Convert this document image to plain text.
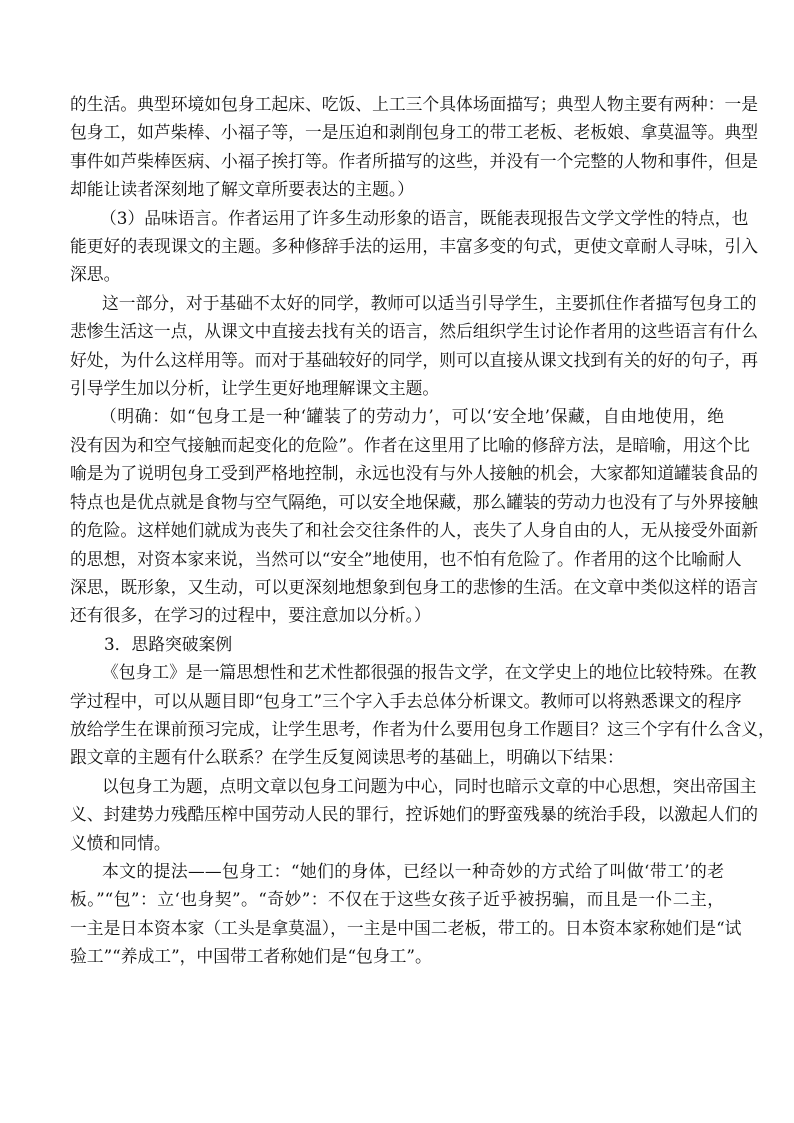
的生活。典型环境如包身工起床、吃饭、上工三个具体场面描写；典型人物主要有两种：一是
包身工，如芦柴棒、小福子等，一是压迫和剥削包身工的带工老板、老板娘、拿莫温等。典型
事件如芦柴棒医病、小福子挨打等。作者所描写的这些，并没有一个完整的人物和事件，但是
却能让读者深刻地了解文章所要表达的主题。）
（3）品味语言。作者运用了许多生动形象的语言，既能表现报告文学文学性的特点，也
能更好的表现课文的主题。多种修辞手法的运用，丰富多变的句式，更使文章耐人寻味，引入
深思。
这一部分，对于基础不太好的同学，教师可以适当引导学生，主要抓住作者描写包身工的
悲惨生活这一点，从课文中直接去找有关的语言，然后组织学生讨论作者用的这些语言有什么
好处，为什么这样用等。而对于基础较好的同学，则可以直接从课文找到有关的好的句子，再
引导学生加以分析，让学生更好地理解课文主题。
（明确：如“包身工是一种‘罐装了的劳动力’，可以‘安全地’保藏，自由地使用，绝
没有因为和空气接触而起变化的危险”。作者在这里用了比喻的修辞方法，是暗喻，用这个比
喻是为了说明包身工受到严格地控制，永远也没有与外人接触的机会，大家都知道罐装食品的
特点也是优点就是食物与空气隔绝，可以安全地保藏，那么罐装的劳动力也没有了与外界接触
的危险。这样她们就成为丧失了和社会交往条件的人，丧失了人身自由的人，无从接受外面新
的思想，对资本家来说，当然可以“安全”地使用，也不怕有危险了。作者用的这个比喻耐人
深思，既形象，又生动，可以更深刻地想象到包身工的悲惨的生活。在文章中类似这样的语言
还有很多，在学习的过程中，要注意加以分析。）
3．思路突破案例
《包身工》是一篇思想性和艺术性都很强的报告文学，在文学史上的地位比较特殊。在教
学过程中，可以从题目即“包身工”三个字入手去总体分析课文。教师可以将熟悉课文的程序
放给学生在课前预习完成，让学生思考，作者为什么要用包身工作题目？这三个字有什么含义，
跟文章的主题有什么联系？在学生反复阅读思考的基础上，明确以下结果：
以包身工为题，点明文章以包身工问题为中心，同时也暗示文章的中心思想，突出帝国主
义、封建势力残酷压榨中国劳动人民的罪行，控诉她们的野蛮残暴的统治手段，以激起人们的
义愤和同情。
本文的提法——包身工：“她们的身体，已经以一种奇妙的方式给了叫做‘带工’的老
板。”“包”：立‘也身契”。“奇妙”：不仅在于这些女孩子近乎被拐骗，而且是一仆二主，
一主是日本资本家（工头是拿莫温），一主是中国二老板，带工的。日本资本家称她们是“试
验工”“养成工”，中国带工者称她们是“包身工”。
